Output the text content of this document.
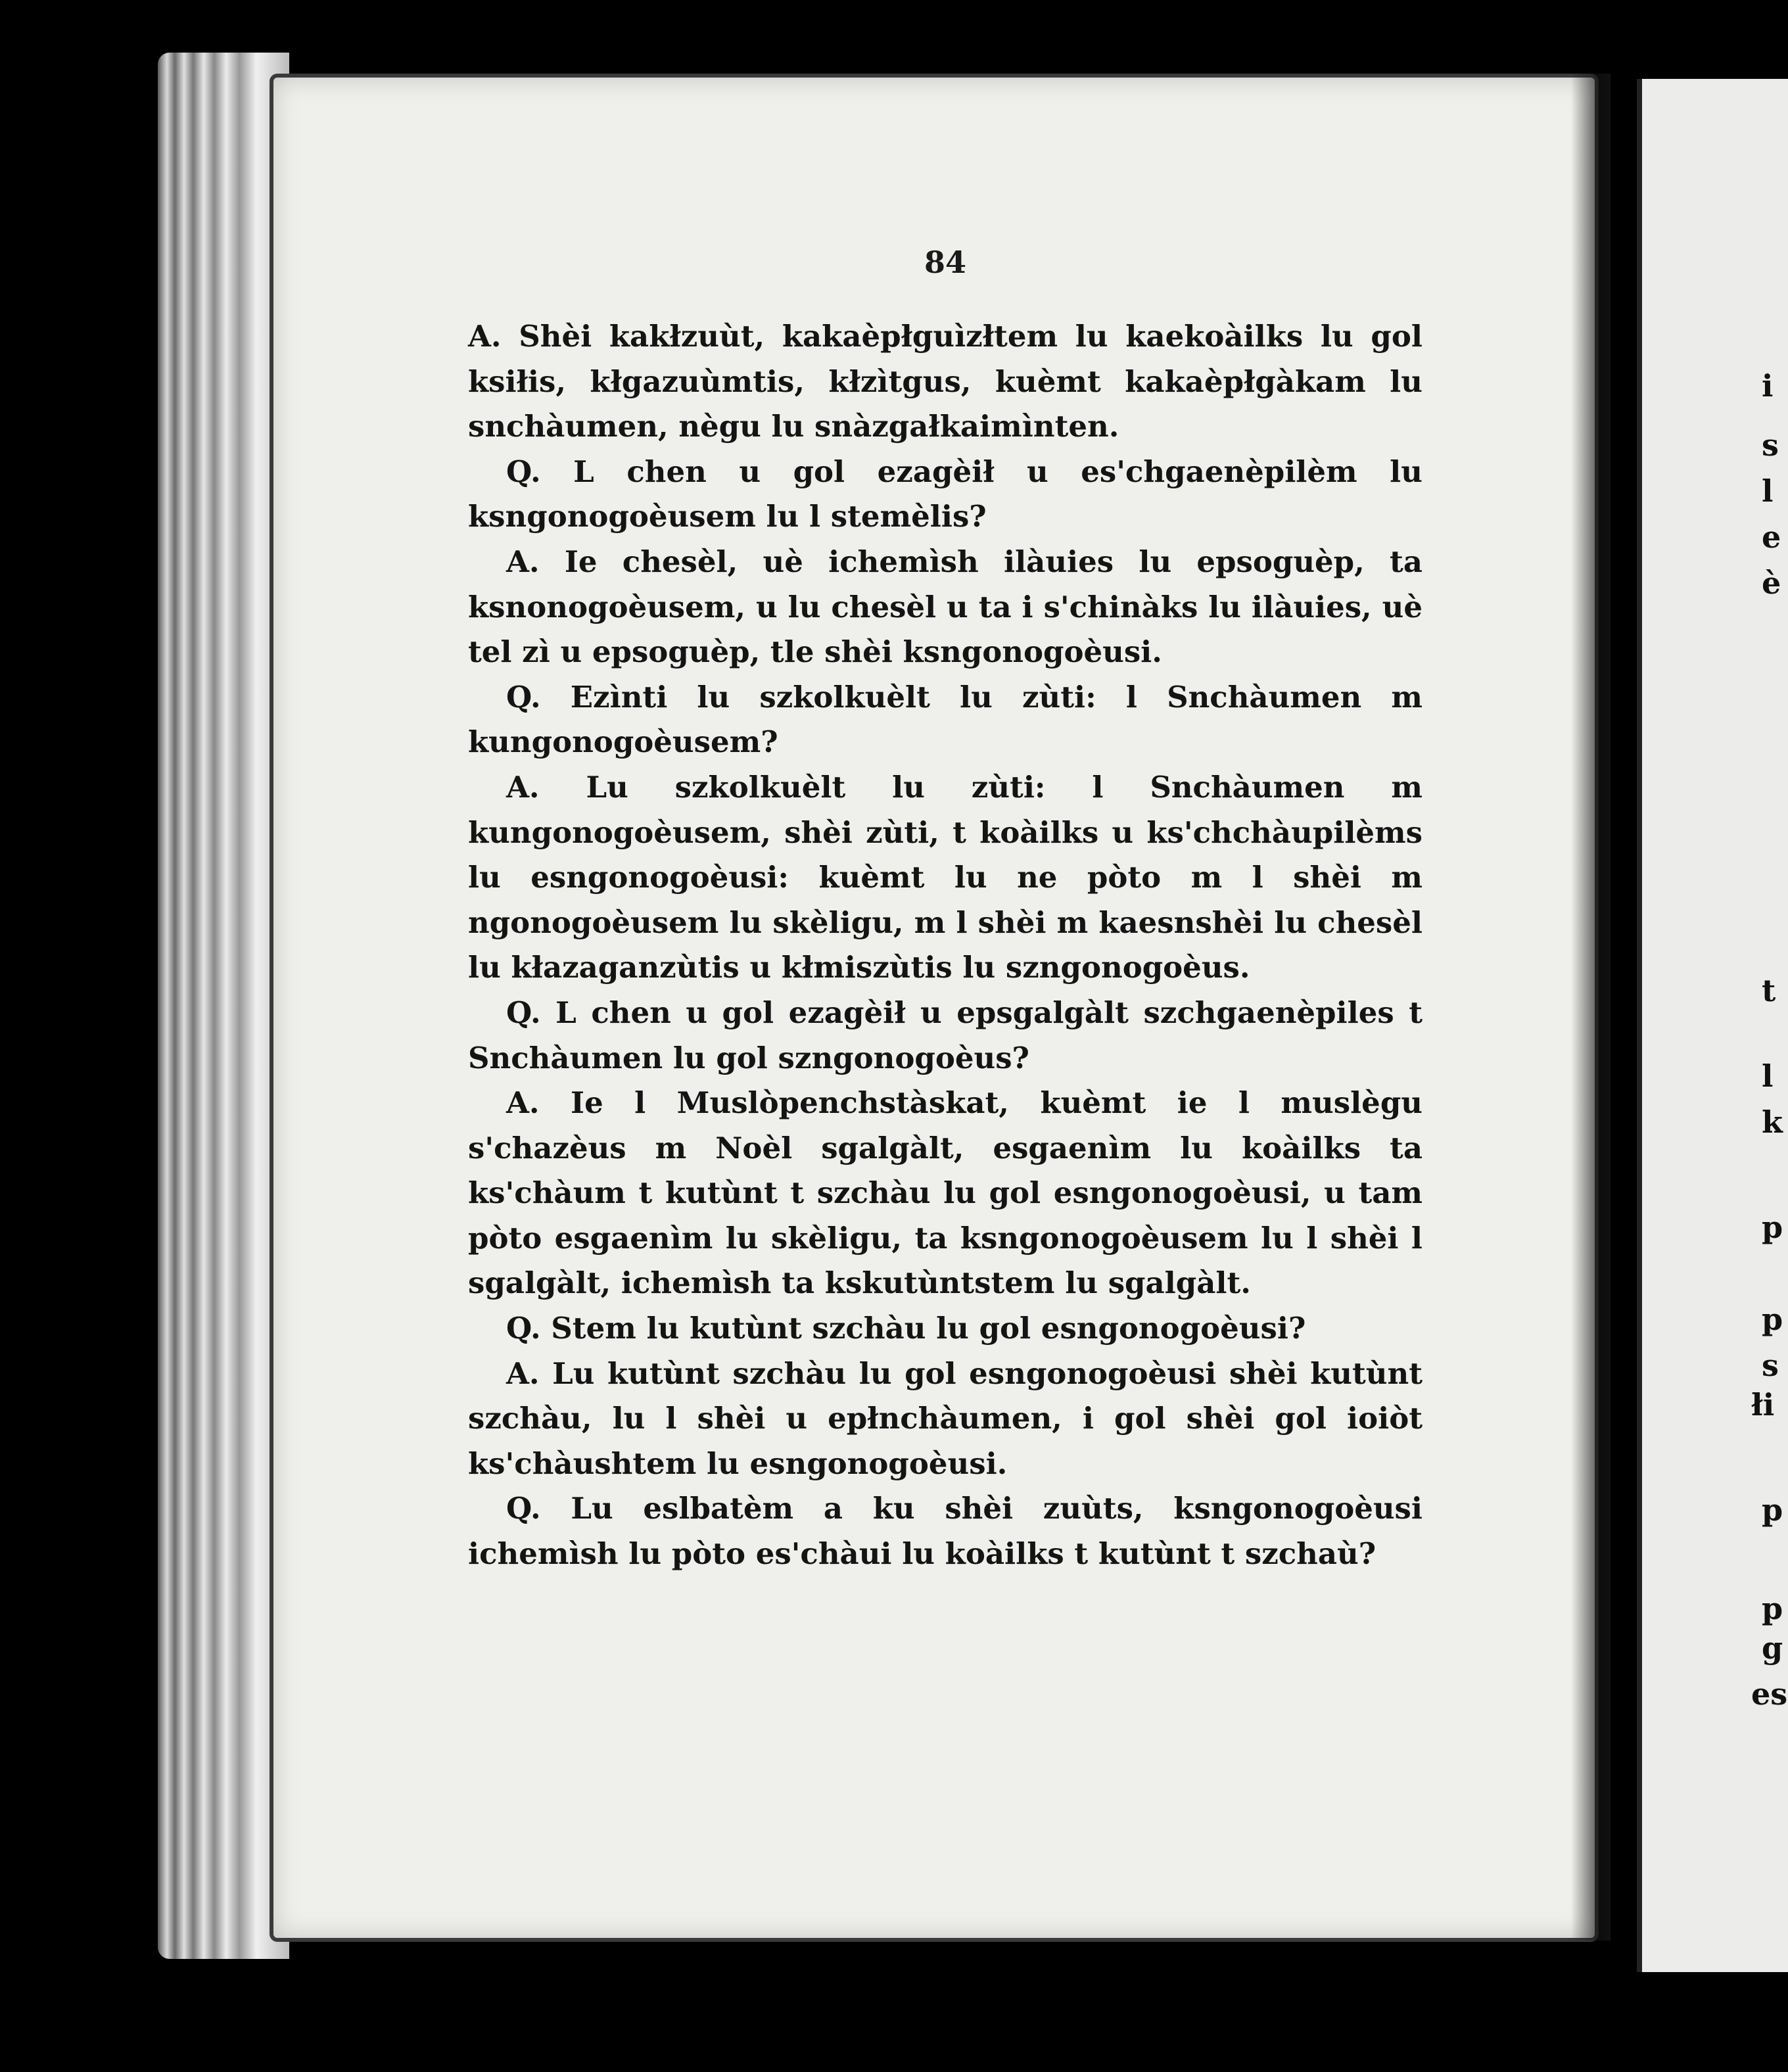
i
s
l
e
è
t
l
k
p
p
s
łi
p
p
g
es
84

A. Shèi kakłzuùt, kakaèpłguìzłtem lu kaekoàilks lu gol ksiłis, kłgazuùmtis, kłzìtgus, kuèmt kakaèpłgàkam lu snchàumen, nègu lu snàzgałkaimìnten.

Q. L chen u gol ezagèił u es'chgaenèpilèm lu ksngonogoèusem lu l stemèlis?

A. Ie chesèl, uè ichemìsh ilàuies lu epsoguèp, ta ksnonogoèusem, u lu chesèl u ta i s'chinàks lu ilàuies, uè tel zì u epsoguèp, tle shèi ksngonogoèusi.

Q. Ezìnti lu szkolkuèlt lu zùti: l Snchàumen m kungonogoèusem?

A. Lu szkolkuèlt lu zùti: l Snchàumen m kungonogoèusem, shèi zùti, t koàilks u ks'chchàupilèms lu esngonogoèusi: kuèmt lu ne pòto m l shèi m ngonogoèusem lu skèligu, m l shèi m kaesnshèi lu chesèl lu kłazaganzùtis u kłmiszùtis lu szngonogoèus.

Q. L chen u gol ezagèił u epsgalgàlt szchgaenèpiles t Snchàumen lu gol szngonogoèus?

A. Ie l Muslòpenchstàskat, kuèmt ie l muslègu s'chazèus m Noèl sgalgàlt, esgaenìm lu koàilks ta ks'chàum t kutùnt t szchàu lu gol esngonogoèusi, u tam pòto esgaenìm lu skèligu, ta ksngonogoèusem lu l shèi l sgalgàlt, ichemìsh ta kskutùntstem lu sgalgàlt.

Q. Stem lu kutùnt szchàu lu gol esngonogoèusi?

A. Lu kutùnt szchàu lu gol esngonogoèusi shèi kutùnt szchàu, lu l shèi u epłnchàumen, i gol shèi gol ioiòt ks'chàushtem lu esngonogoèusi.

Q. Lu eslbatèm a ku shèi zuùts, ksngonogoèusi ichemìsh lu pòto es'chàui lu koàilks t kutùnt t szchaù?
